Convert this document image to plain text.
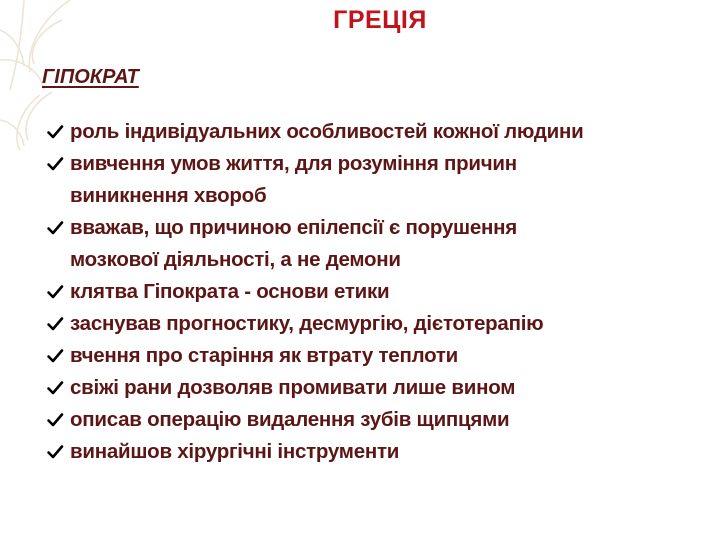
ГРЕЦІЯ
ГІПОКРАТ
роль індивідуальних особливостей кожної людини
вивчення умов життя, для розуміння причин
виникнення хвороб
вважав, що причиною епілепсії є порушення
мозкової діяльності, а не демони
клятва Гіпократа - основи етики
заснував прогностику, десмургію, дієтотерапію
вчення про старіння як втрату теплоти
свіжі рани дозволяв промивати лише вином
описав операцію видалення зубів щипцями
винайшов хірургічні інструменти
